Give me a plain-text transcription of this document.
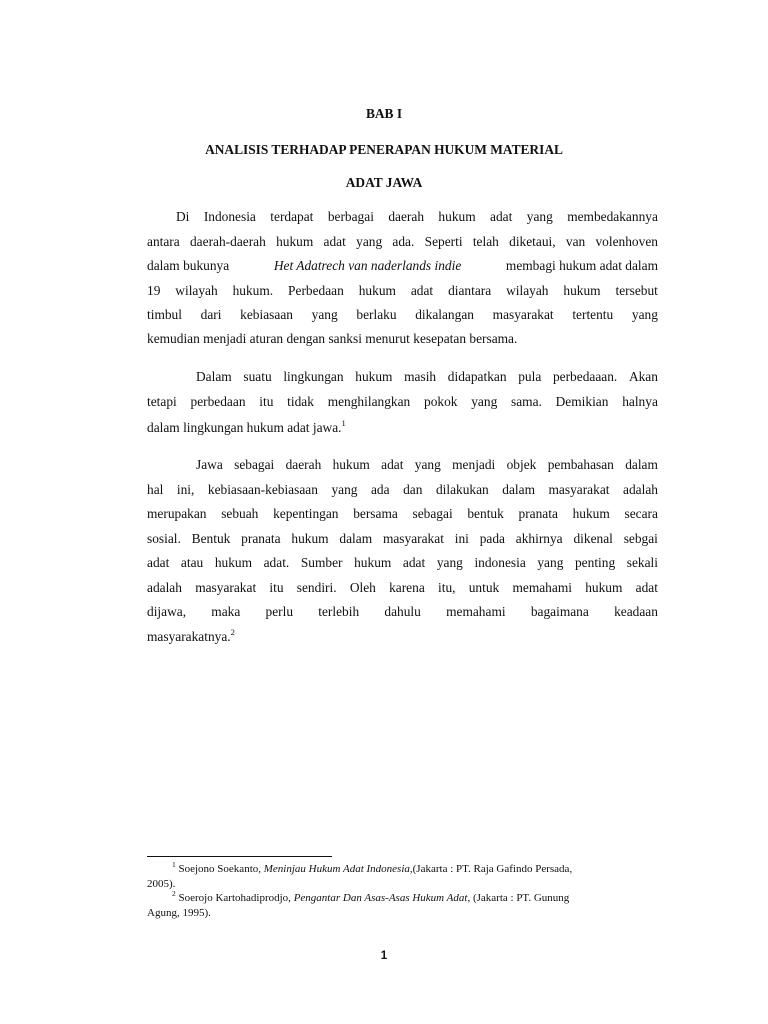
BAB I
ANALISIS TERHADAP PENERAPAN HUKUM MATERIAL
ADAT JAWA
Di Indonesia terdapat berbagai daerah hukum adat yang membedakannya
antara daerah-daerah hukum adat yang ada. Seperti telah diketaui, van volenhoven
dalam bukunya	Het Adatrech van naderlands indie	membagi hukum adat dalam
19 wilayah hukum. Perbedaan hukum adat diantara wilayah hukum tersebut
timbul dari kebiasaan yang berlaku dikalangan masyarakat tertentu yang
kemudian menjadi aturan dengan sanksi menurut kesepatan bersama.
Dalam suatu lingkungan hukum masih didapatkan pula perbedaaan. Akan
tetapi perbedaan itu tidak menghilangkan pokok yang sama. Demikian halnya
dalam lingkungan hukum adat jawa.$^1$
Jawa sebagai daerah hukum adat yang menjadi objek pembahasan dalam
hal ini, kebiasaan-kebiasaan yang ada dan dilakukan dalam masyarakat adalah
merupakan sebuah kepentingan bersama sebagai bentuk pranata hukum secara
sosial. Bentuk pranata hukum dalam masyarakat ini pada akhirnya dikenal sebgai
adat atau hukum adat. Sumber hukum adat yang indonesia yang penting sekali
adalah masyarakat itu sendiri. Oleh karena itu, untuk memahami hukum adat
dijawa, maka perlu terlebih dahulu memahami bagaimana keadaan
masyarakatnya.$^2$
$^1$ Soejono Soekanto, Meninjau Hukum Adat Indonesia,(Jakarta : PT. Raja Gafindo Persada,
2005).
$^2$ Soerojo Kartohadiprodjo, Pengantar Dan Asas-Asas Hukum Adat, (Jakarta : PT. Gunung
Agung, 1995).
1
